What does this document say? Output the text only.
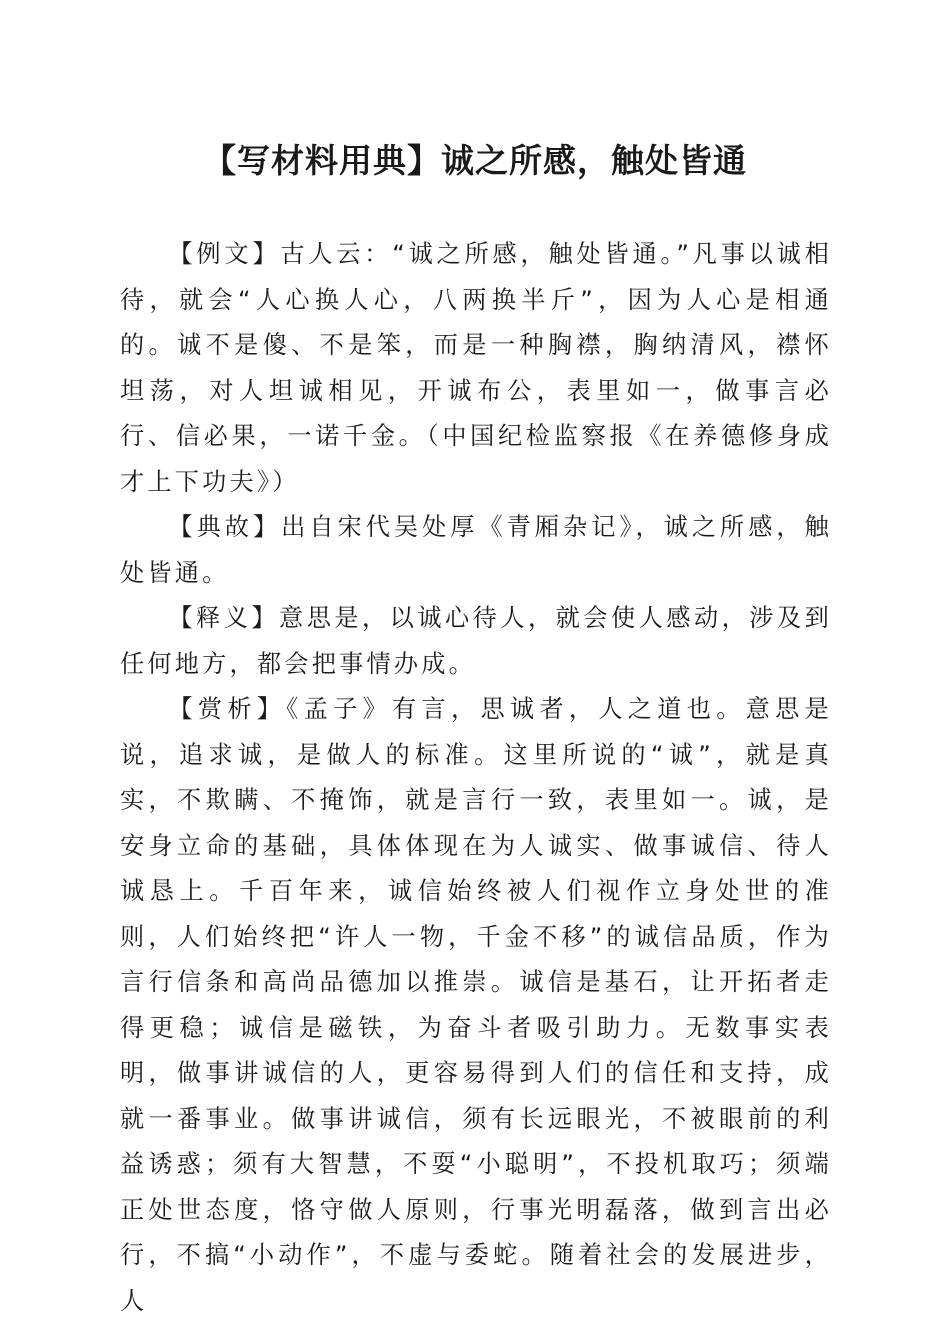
【写材料用典】诚之所感，触处皆通

【例文】古人云：“诚之所感，触处皆通。”凡事以诚相待，就会“人心换人心，八两换半斤”，因为人心是相通的。诚不是傻、不是笨，而是一种胸襟，胸纳清风，襟怀坦荡，对人坦诚相见，开诚布公，表里如一，做事言必行、信必果，一诺千金。（中国纪检监察报《在养德修身成才上下功夫》）

【典故】出自宋代吴处厚《青厢杂记》，诚之所感，触处皆通。

【释义】意思是，以诚心待人，就会使人感动，涉及到任何地方，都会把事情办成。

【赏析】《孟子》有言，思诚者，人之道也。意思是说，追求诚，是做人的标准。这里所说的“诚”，就是真实，不欺瞒、不掩饰，就是言行一致，表里如一。诚，是安身立命的基础，具体体现在为人诚实、做事诚信、待人诚恳上。千百年来，诚信始终被人们视作立身处世的准则，人们始终把“许人一物，千金不移”的诚信品质，作为言行信条和高尚品德加以推崇。诚信是基石，让开拓者走得更稳；诚信是磁铁，为奋斗者吸引助力。无数事实表明，做事讲诚信的人，更容易得到人们的信任和支持，成就一番事业。做事讲诚信，须有长远眼光，不被眼前的利益诱惑；须有大智慧，不耍“小聪明”，不投机取巧；须端正处世态度，恪守做人原则，行事光明磊落，做到言出必行，不搞“小动作”，不虚与委蛇。随着社会的发展进步，人
